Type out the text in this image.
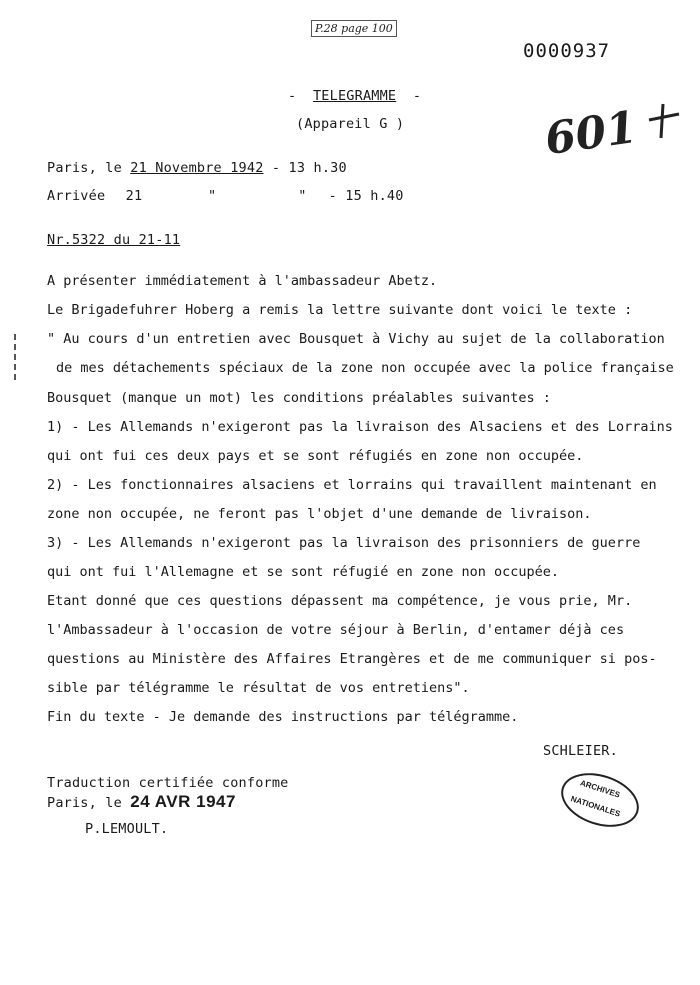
P.28 page 100
0000937
601
-  TELEGRAMME  -
(Appareil G )
Paris, le 21 Novembre 1942 - 13 h.30
Arrivée 21	"	" - 15 h.40
Nr.5322 du 21-11
A présenter immédiatement à l'ambassadeur Abetz.
Le Brigadefuhrer Hoberg a remis la lettre suivante dont voici le texte :
" Au cours d'un entretien avec Bousquet à Vichy au sujet de la collaboration
de mes détachements spéciaux de la zone non occupée avec la police française
Bousquet (manque un mot) les conditions préalables suivantes :
1) - Les Allemands n'exigeront pas la livraison des Alsaciens et des Lorrains
qui ont fui ces deux pays et se sont réfugiés en zone non occupée.
2) - Les fonctionnaires alsaciens et lorrains qui travaillent maintenant en
zone non occupée, ne feront pas l'objet d'une demande de livraison.
3) - Les Allemands n'exigeront pas la livraison des prisonniers de guerre
qui ont fui l'Allemagne et se sont réfugié en zone non occupée.
Etant donné que ces questions dépassent ma compétence, je vous prie, Mr.
l'Ambassadeur à l'occasion de votre séjour à Berlin, d'entamer déjà ces
questions au Ministère des Affaires Etrangères et de me communiquer si pos-
sible par télégramme le résultat de vos entretiens".
Fin du texte - Je demande des instructions par télégramme.
SCHLEIER.
Traduction certifiée conforme
Paris, le 24 AVR 1947
P.LEMOULT.
ARCHIVES
NATIONALES
